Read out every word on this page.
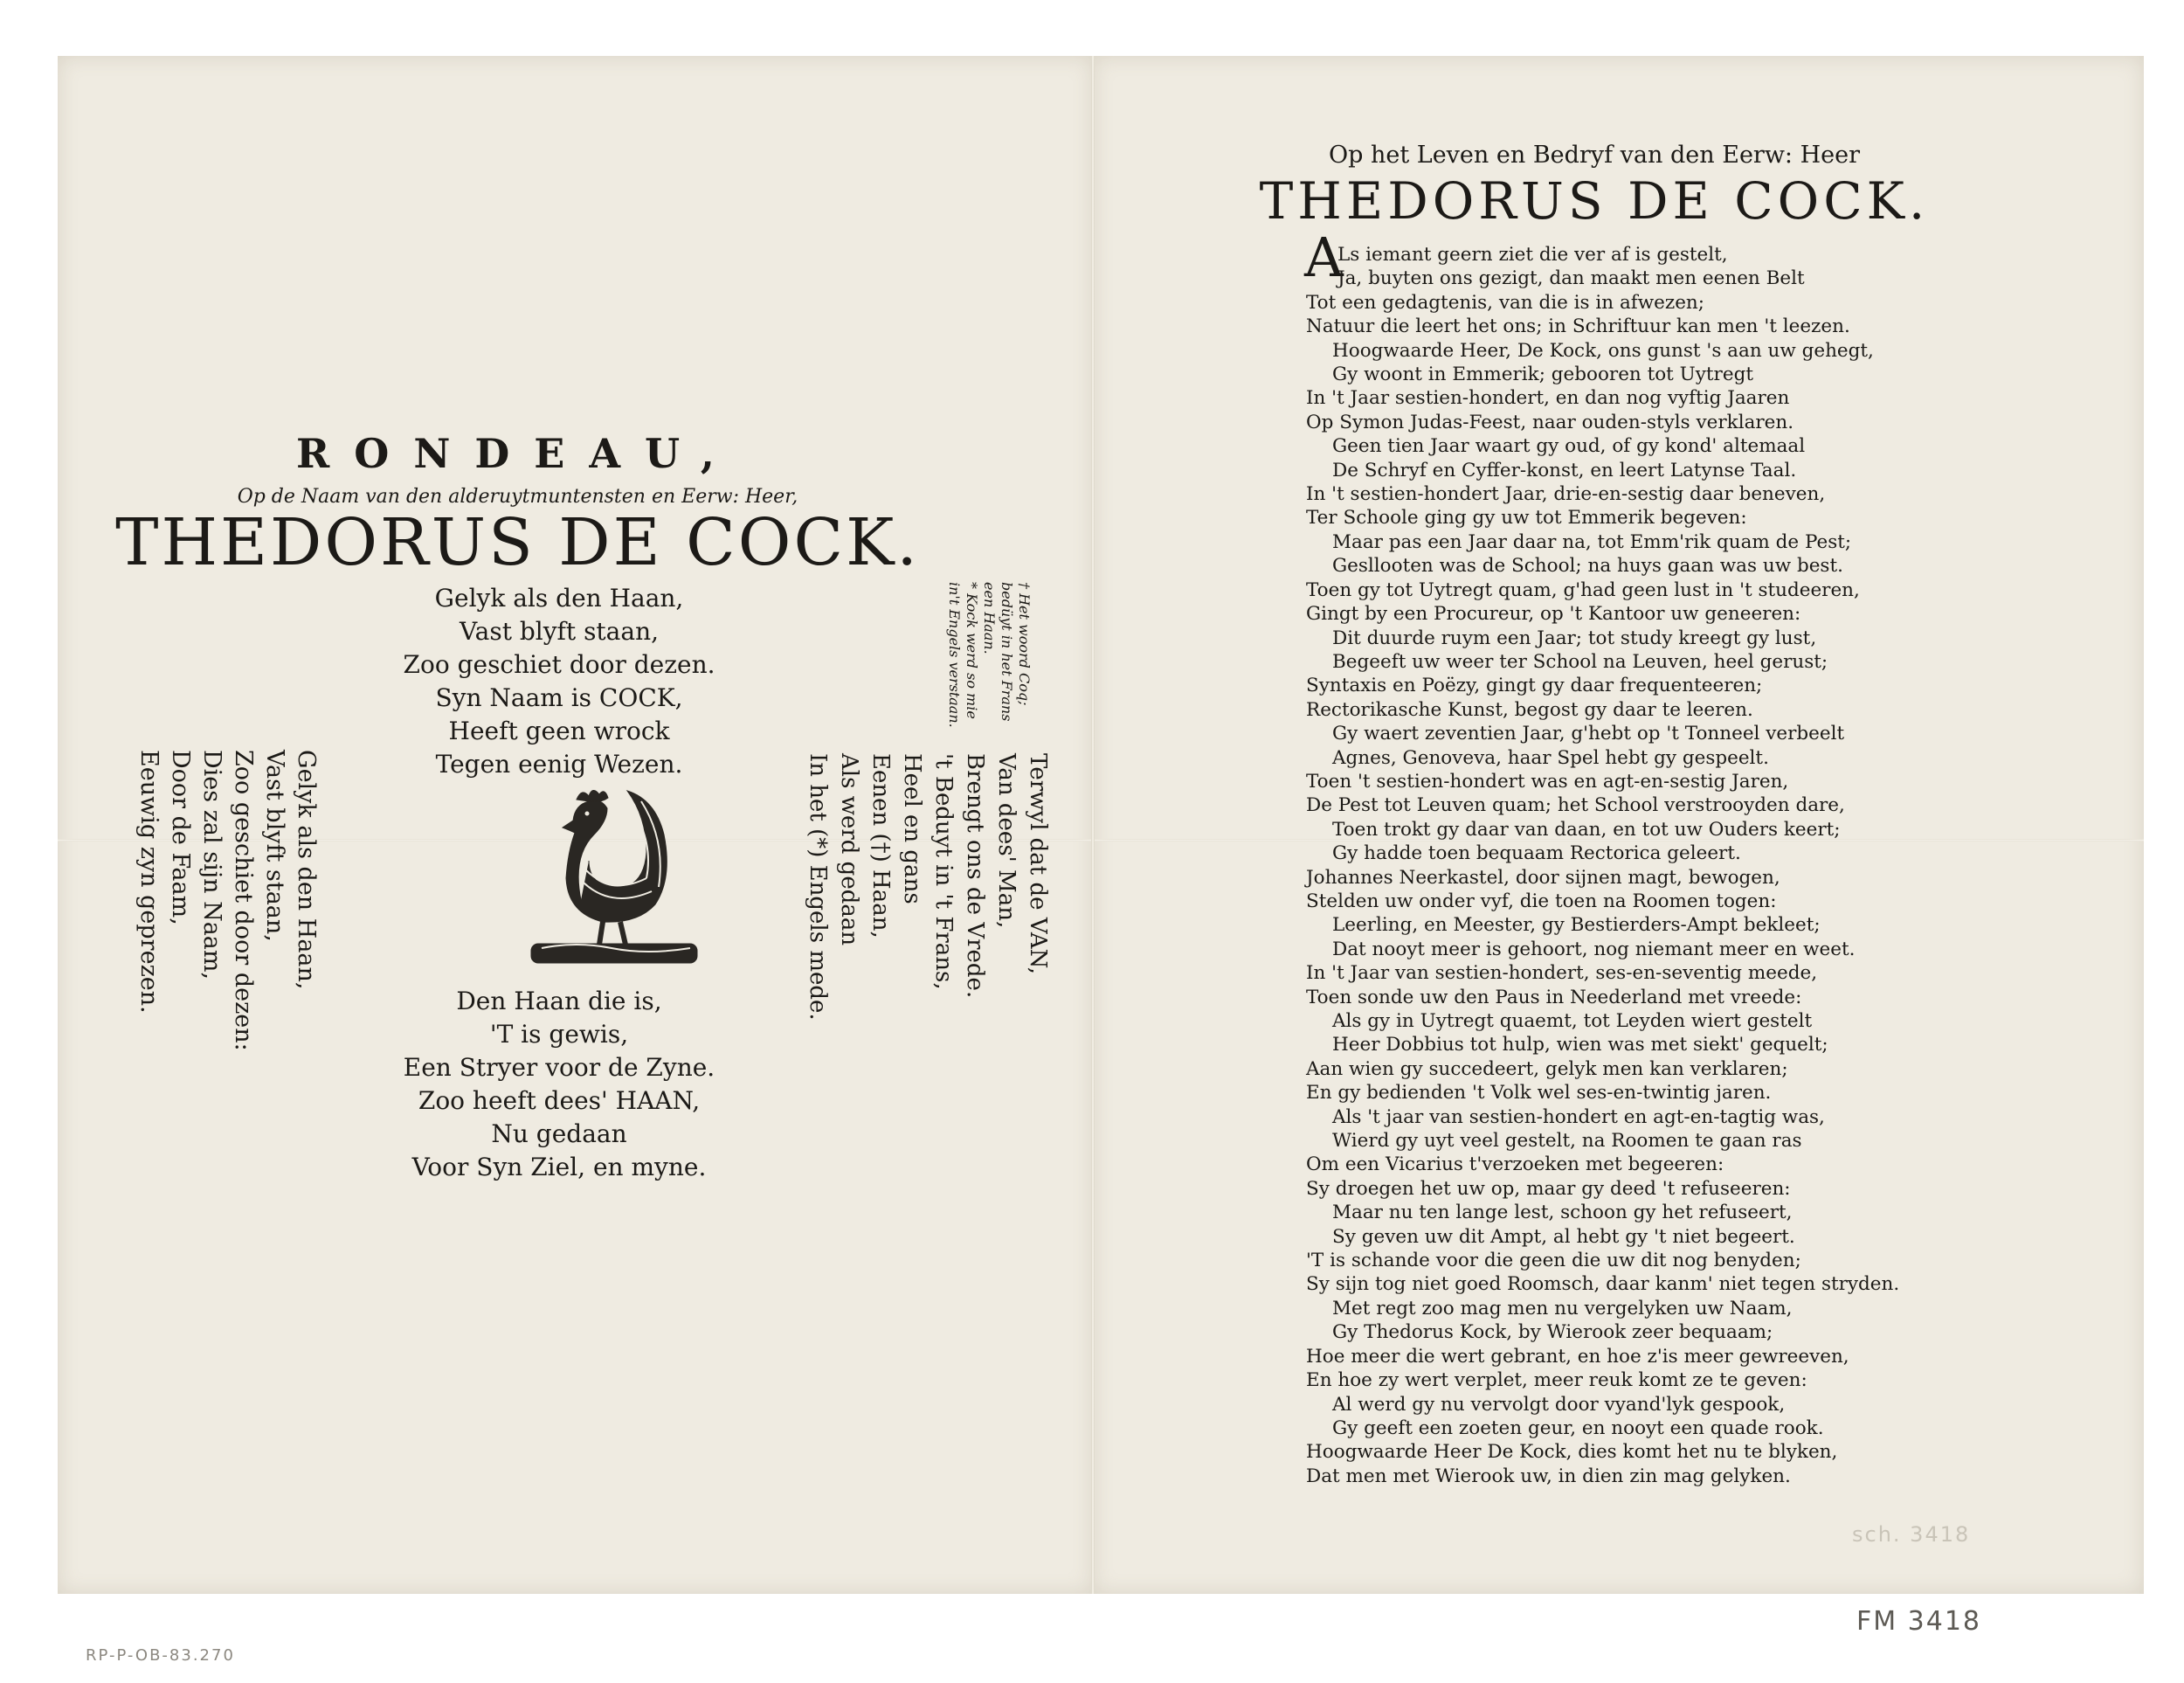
RONDEAU,
Op de Naam van den alderuytmuntensten en Eerw: Heer,
THEDORUS DE COCK.
Gelyk als den Haan,
Vast blyft staan,
Zoo geschiet door dezen.
Syn Naam is COCK,
Heeft geen wrock
Tegen eenig Wezen.
Gelyk als den Haan,
Vast blyft staan,
Zoo geschiet door dezen:
Dies zal sijn Naam,
Door de Faam,
Eeuwig zyn geprezen.	Den Haan die is,
'T is gewis,
Een Stryer voor de Zyne.
Zoo heeft dees' HAAN,
Nu gedaan
Voor Syn Ziel, en myne.
Terwyl dat de VAN,
Van dees' Man,
Brengt ons de Vrede.
't Beduyt in 't Frans,
Heel en gans
Eenen (†) Haan,
Als werd gedaan
In het (*) Engels mede.
† Het woord Coq;
bedüyt in het Frans
een Haan.
* Kock werd so mie
in't Engels verstaan.
Op het Leven en Bedryf van den Eerw: Heer
THEDORUS DE COCK.
A
Ls iemant geern ziet die ver af is gestelt,
Ja, buyten ons gezigt, dan maakt men eenen Belt
Tot een gedagtenis, van die is in afwezen;
Natuur die leert het ons; in Schriftuur kan men 't leezen.
Hoogwaarde Heer, De Kock, ons gunst 's aan uw gehegt,
Gy woont in Emmerik; gebooren tot Uytregt
In 't Jaar sestien-hondert, en dan nog vyftig Jaaren
Op Symon Judas-Feest, naar ouden-styls verklaren.
Geen tien Jaar waart gy oud, of gy kond' altemaal
De Schryf en Cyffer-konst, en leert Latynse Taal.
In 't sestien-hondert Jaar, drie-en-sestig daar beneven,
Ter Schoole ging gy uw tot Emmerik begeven:
Maar pas een Jaar daar na, tot Emm'rik quam de Pest;
Gesllooten was de School; na huys gaan was uw best.
Toen gy tot Uytregt quam, g'had geen lust in 't studeeren,
Gingt by een Procureur, op 't Kantoor uw geneeren:
Dit duurde ruym een Jaar; tot study kreegt gy lust,
Begeeft uw weer ter School na Leuven, heel gerust;
Syntaxis en Poëzy, gingt gy daar frequenteeren;
Rectorikasche Kunst, begost gy daar te leeren.
Gy waert zeventien Jaar, g'hebt op 't Tonneel verbeelt
Agnes, Genoveva, haar Spel hebt gy gespeelt.
Toen 't sestien-hondert was en agt-en-sestig Jaren,
De Pest tot Leuven quam; het School verstrooyden dare,
Toen trokt gy daar van daan, en tot uw Ouders keert;
Gy hadde toen bequaam Rectorica geleert.
Johannes Neerkastel, door sijnen magt, bewogen,
Stelden uw onder vyf, die toen na Roomen togen:
Leerling, en Meester, gy Bestierders-Ampt bekleet;
Dat nooyt meer is gehoort, nog niemant meer en weet.
In 't Jaar van sestien-hondert, ses-en-seventig meede,
Toen sonde uw den Paus in Neederland met vreede:
Als gy in Uytregt quaemt, tot Leyden wiert gestelt
Heer Dobbius tot hulp, wien was met siekt' gequelt;
Aan wien gy succedeert, gelyk men kan verklaren;
En gy bedienden 't Volk wel ses-en-twintig jaren.
Als 't jaar van sestien-hondert en agt-en-tagtig was,
Wierd gy uyt veel gestelt, na Roomen te gaan ras
Om een Vicarius t'verzoeken met begeeren:
Sy droegen het uw op, maar gy deed 't refuseeren:
Maar nu ten lange lest, schoon gy het refuseert,
Sy geven uw dit Ampt, al hebt gy 't niet begeert.
'T is schande voor die geen die uw dit nog benyden;
Sy sijn tog niet goed Roomsch, daar kanm' niet tegen stryden.
Met regt zoo mag men nu vergelyken uw Naam,
Gy Thedorus Kock, by Wierook zeer bequaam;
Hoe meer die wert gebrant, en hoe z'is meer gewreeven,
En hoe zy wert verplet, meer reuk komt ze te geven:
Al werd gy nu vervolgt door vyand'lyk gespook,
Gy geeft een zoeten geur, en nooyt een quade rook.
Hoogwaarde Heer De Kock, dies komt het nu te blyken,
Dat men met Wierook uw, in dien zin mag gelyken.
sch. 3418
FM 3418
RP-P-OB-83.270
